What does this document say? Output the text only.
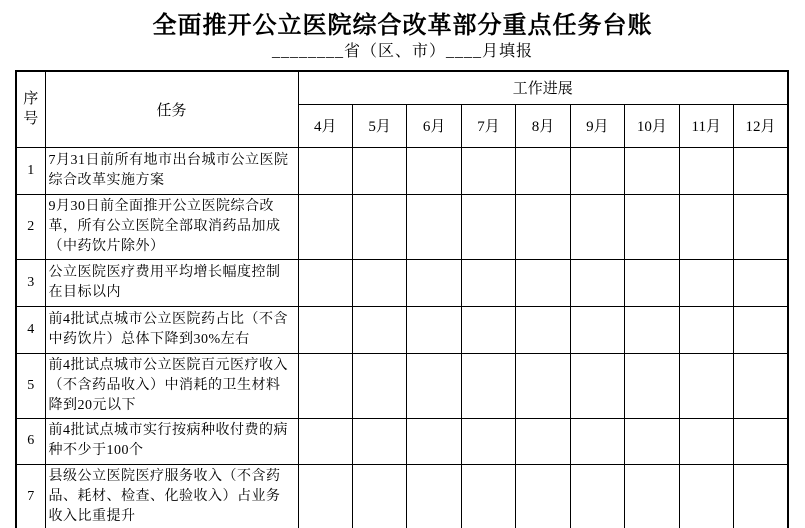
全面推开公立医院综合改革部分重点任务台账

________省（区、市）____月填报

序号	任务	工作进展								
		4月	5月	6月	7月	8月	9月	10月	11月	12月
1	7月31日前所有地市出台城市公立医院综合改革实施方案									
2	9月30日前全面推开公立医院综合改革，所有公立医院全部取消药品加成（中药饮片除外）									
3	公立医院医疗费用平均增长幅度控制在目标以内									
4	前4批试点城市公立医院药占比（不含中药饮片）总体下降到30%左右									
5	前4批试点城市公立医院百元医疗收入（不含药品收入）中消耗的卫生材料降到20元以下									
6	前4批试点城市实行按病种收付费的病种不少于100个									
7	县级公立医院医疗服务收入（不含药品、耗材、检查、化验收入）占业务收入比重提升									
